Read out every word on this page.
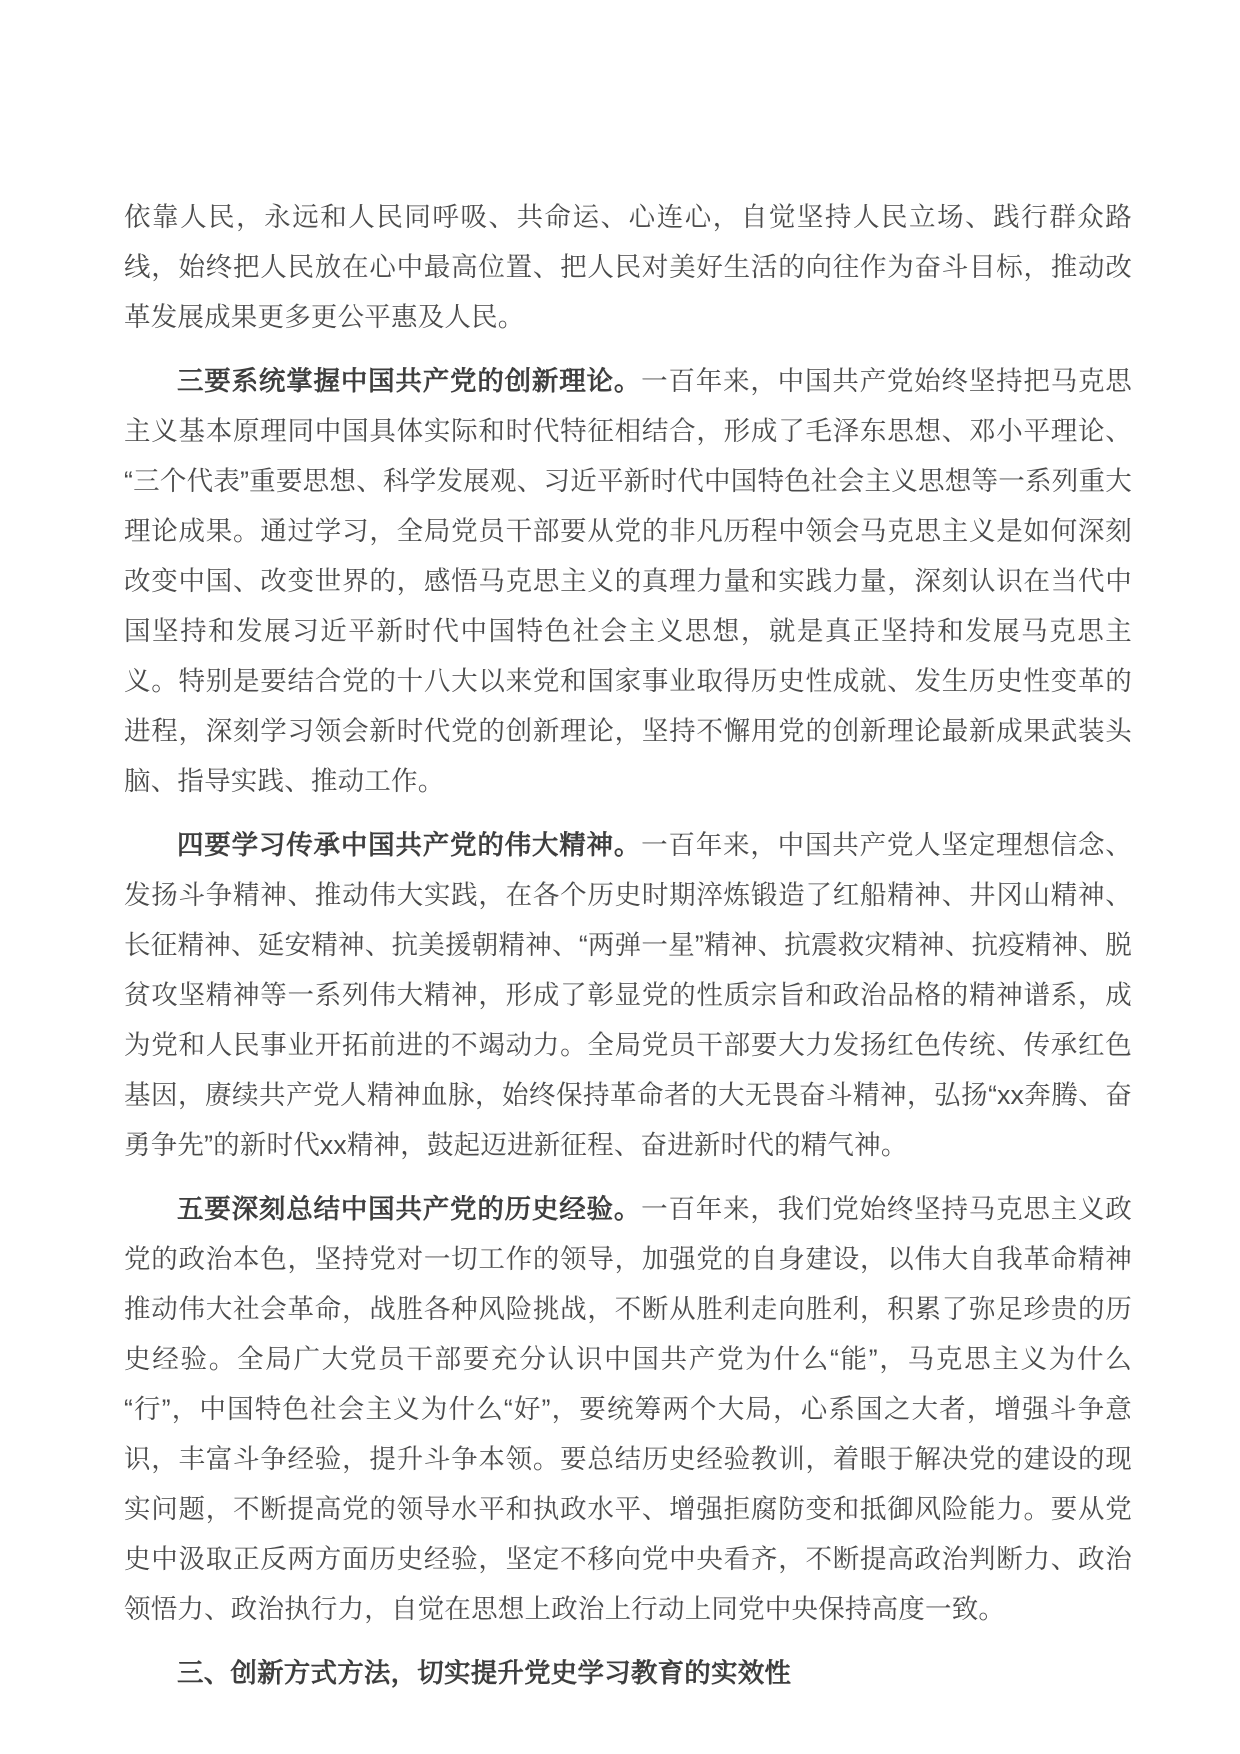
依靠人民，永远和人民同呼吸、共命运、心连心，自觉坚持人民立场、践行群众路线，始终把人民放在心中最高位置、把人民对美好生活的向往作为奋斗目标，推动改革发展成果更多更公平惠及人民。

三要系统掌握中国共产党的创新理论。一百年来，中国共产党始终坚持把马克思主义基本原理同中国具体实际和时代特征相结合，形成了毛泽东思想、邓小平理论、“三个代表”重要思想、科学发展观、习近平新时代中国特色社会主义思想等一系列重大理论成果。通过学习，全局党员干部要从党的非凡历程中领会马克思主义是如何深刻改变中国、改变世界的，感悟马克思主义的真理力量和实践力量，深刻认识在当代中国坚持和发展习近平新时代中国特色社会主义思想，就是真正坚持和发展马克思主义。特别是要结合党的十八大以来党和国家事业取得历史性成就、发生历史性变革的进程，深刻学习领会新时代党的创新理论，坚持不懈用党的创新理论最新成果武装头脑、指导实践、推动工作。

四要学习传承中国共产党的伟大精神。一百年来，中国共产党人坚定理想信念、发扬斗争精神、推动伟大实践，在各个历史时期淬炼锻造了红船精神、井冈山精神、长征精神、延安精神、抗美援朝精神、“两弹一星”精神、抗震救灾精神、抗疫精神、脱贫攻坚精神等一系列伟大精神，形成了彰显党的性质宗旨和政治品格的精神谱系，成为党和人民事业开拓前进的不竭动力。全局党员干部要大力发扬红色传统、传承红色基因，赓续共产党人精神血脉，始终保持革命者的大无畏奋斗精神，弘扬“xx奔腾、奋勇争先”的新时代xx精神，鼓起迈进新征程、奋进新时代的精气神。

五要深刻总结中国共产党的历史经验。一百年来，我们党始终坚持马克思主义政党的政治本色，坚持党对一切工作的领导，加强党的自身建设，以伟大自我革命精神推动伟大社会革命，战胜各种风险挑战，不断从胜利走向胜利，积累了弥足珍贵的历史经验。全局广大党员干部要充分认识中国共产党为什么“能”，马克思主义为什么“行”，中国特色社会主义为什么“好”，要统筹两个大局，心系国之大者，增强斗争意识，丰富斗争经验，提升斗争本领。要总结历史经验教训，着眼于解决党的建设的现实问题，不断提高党的领导水平和执政水平、增强拒腐防变和抵御风险能力。要从党史中汲取正反两方面历史经验，坚定不移向党中央看齐，不断提高政治判断力、政治领悟力、政治执行力，自觉在思想上政治上行动上同党中央保持高度一致。

三、创新方式方法，切实提升党史学习教育的实效性
